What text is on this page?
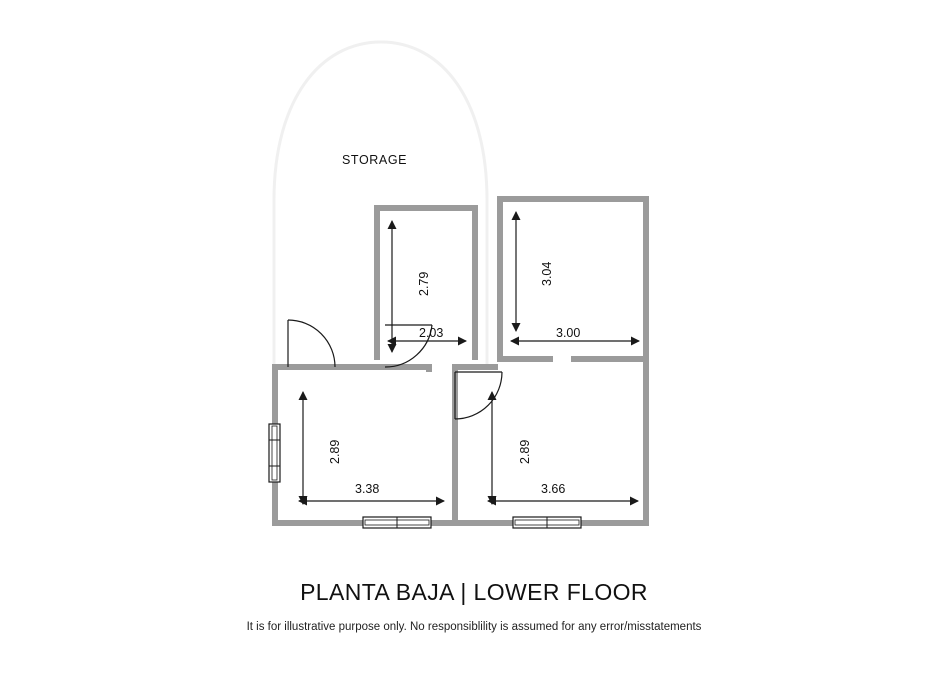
STORAGE
2.79
2.03
3.04
3.00
2.89
3.38
2.89
3.66

PLANTA BAJA | LOWER FLOOR

It is for illustrative purpose only. No responsiblility is assumed for any error/misstatements
